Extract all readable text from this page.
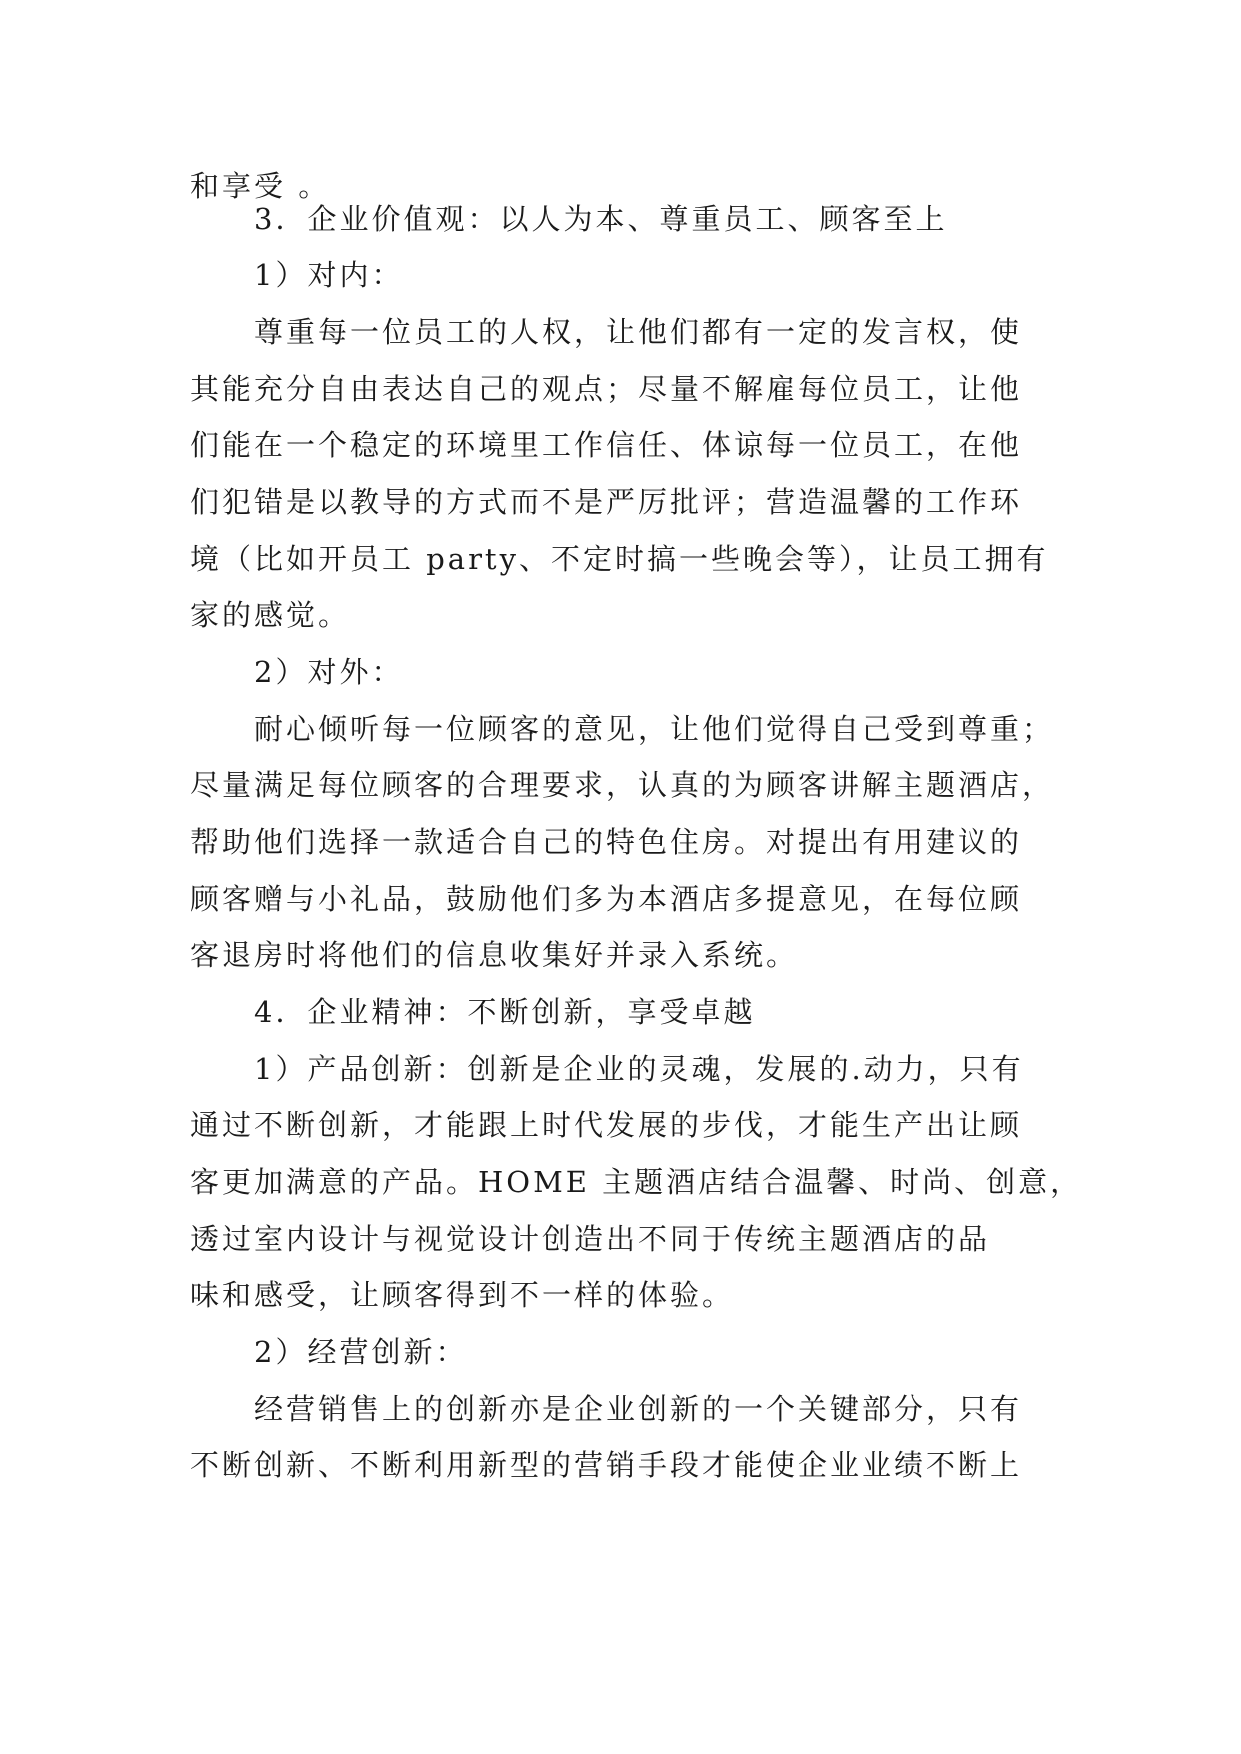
和享受 。
3．企业价值观：以人为本、尊重员工、顾客至上
1）对内：
尊重每一位员工的人权，让他们都有一定的发言权，使
其能充分自由表达自己的观点；尽量不解雇每位员工，让他
们能在一个稳定的环境里工作信任、体谅每一位员工，在他
们犯错是以教导的方式而不是严厉批评；营造温馨的工作环
境（比如开员工 party、不定时搞一些晚会等），让员工拥有
家的感觉。
2）对外：
耐心倾听每一位顾客的意见，让他们觉得自己受到尊重；
尽量满足每位顾客的合理要求，认真的为顾客讲解主题酒店，
帮助他们选择一款适合自己的特色住房。对提出有用建议的
顾客赠与小礼品，鼓励他们多为本酒店多提意见，在每位顾
客退房时将他们的信息收集好并录入系统。
4．企业精神：不断创新，享受卓越
1）产品创新：创新是企业的灵魂，发展的.动力，只有
通过不断创新，才能跟上时代发展的步伐，才能生产出让顾
客更加满意的产品。HOME 主题酒店结合温馨、时尚、创意，
透过室内设计与视觉设计创造出不同于传统主题酒店的品
味和感受，让顾客得到不一样的体验。
2）经营创新：
经营销售上的创新亦是企业创新的一个关键部分，只有
不断创新、不断利用新型的营销手段才能使企业业绩不断上
